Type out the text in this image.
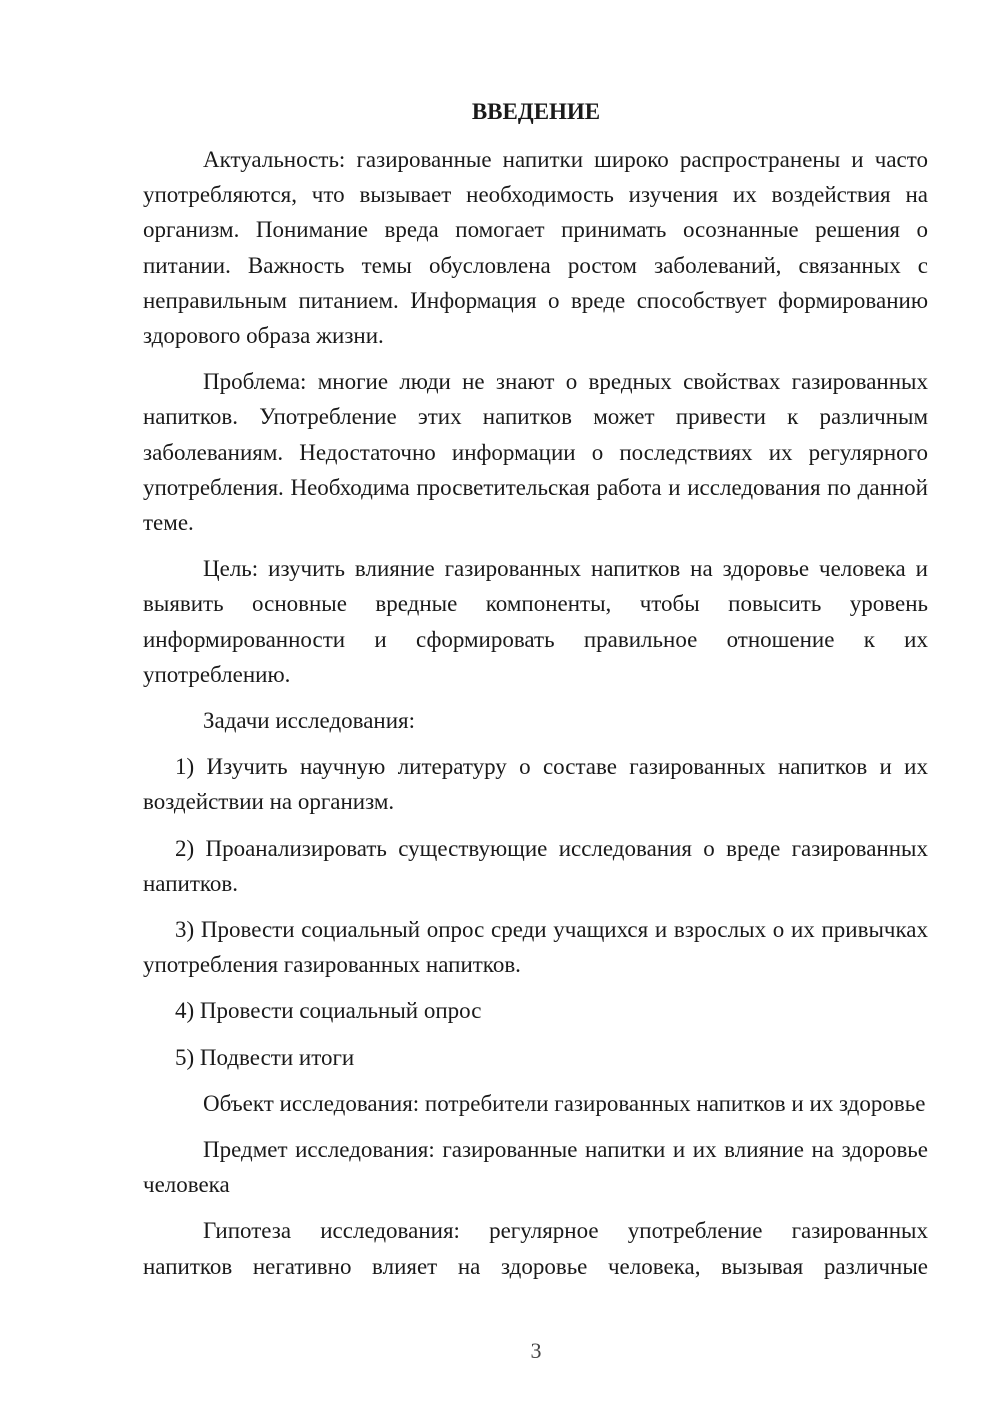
ВВЕДЕНИЕ

Актуальность: газированные напитки широко распространены и часто употребляются, что вызывает необходимость изучения их воздействия на организм. Понимание вреда помогает принимать осознанные решения о питании. Важность темы обусловлена ростом заболеваний, связанных с неправильным питанием. Информация о вреде способствует формированию здорового образа жизни.

Проблема: многие люди не знают о вредных свойствах газированных напитков. Употребление этих напитков может привести к различным заболеваниям. Недостаточно информации о последствиях их регулярного употребления. Необходима просветительская работа и исследования по данной теме.

Цель: изучить влияние газированных напитков на здоровье человека и выявить основные вредные компоненты, чтобы повысить уровень информированности и сформировать правильное отношение к их употреблению.

Задачи исследования:

1) Изучить научную литературу о составе газированных напитков и их воздействии на организм.

2) Проанализировать существующие исследования о вреде газированных напитков.

3) Провести социальный опрос среди учащихся и взрослых о их привычках употребления газированных напитков.

4) Провести социальный опрос

5) Подвести итоги

Объект исследования: потребители газированных напитков и их здоровье

Предмет исследования: газированные напитки и их влияние на здоровье человека

Гипотеза исследования: регулярное употребление газированных напитков негативно влияет на здоровье человека, вызывая различные

3
